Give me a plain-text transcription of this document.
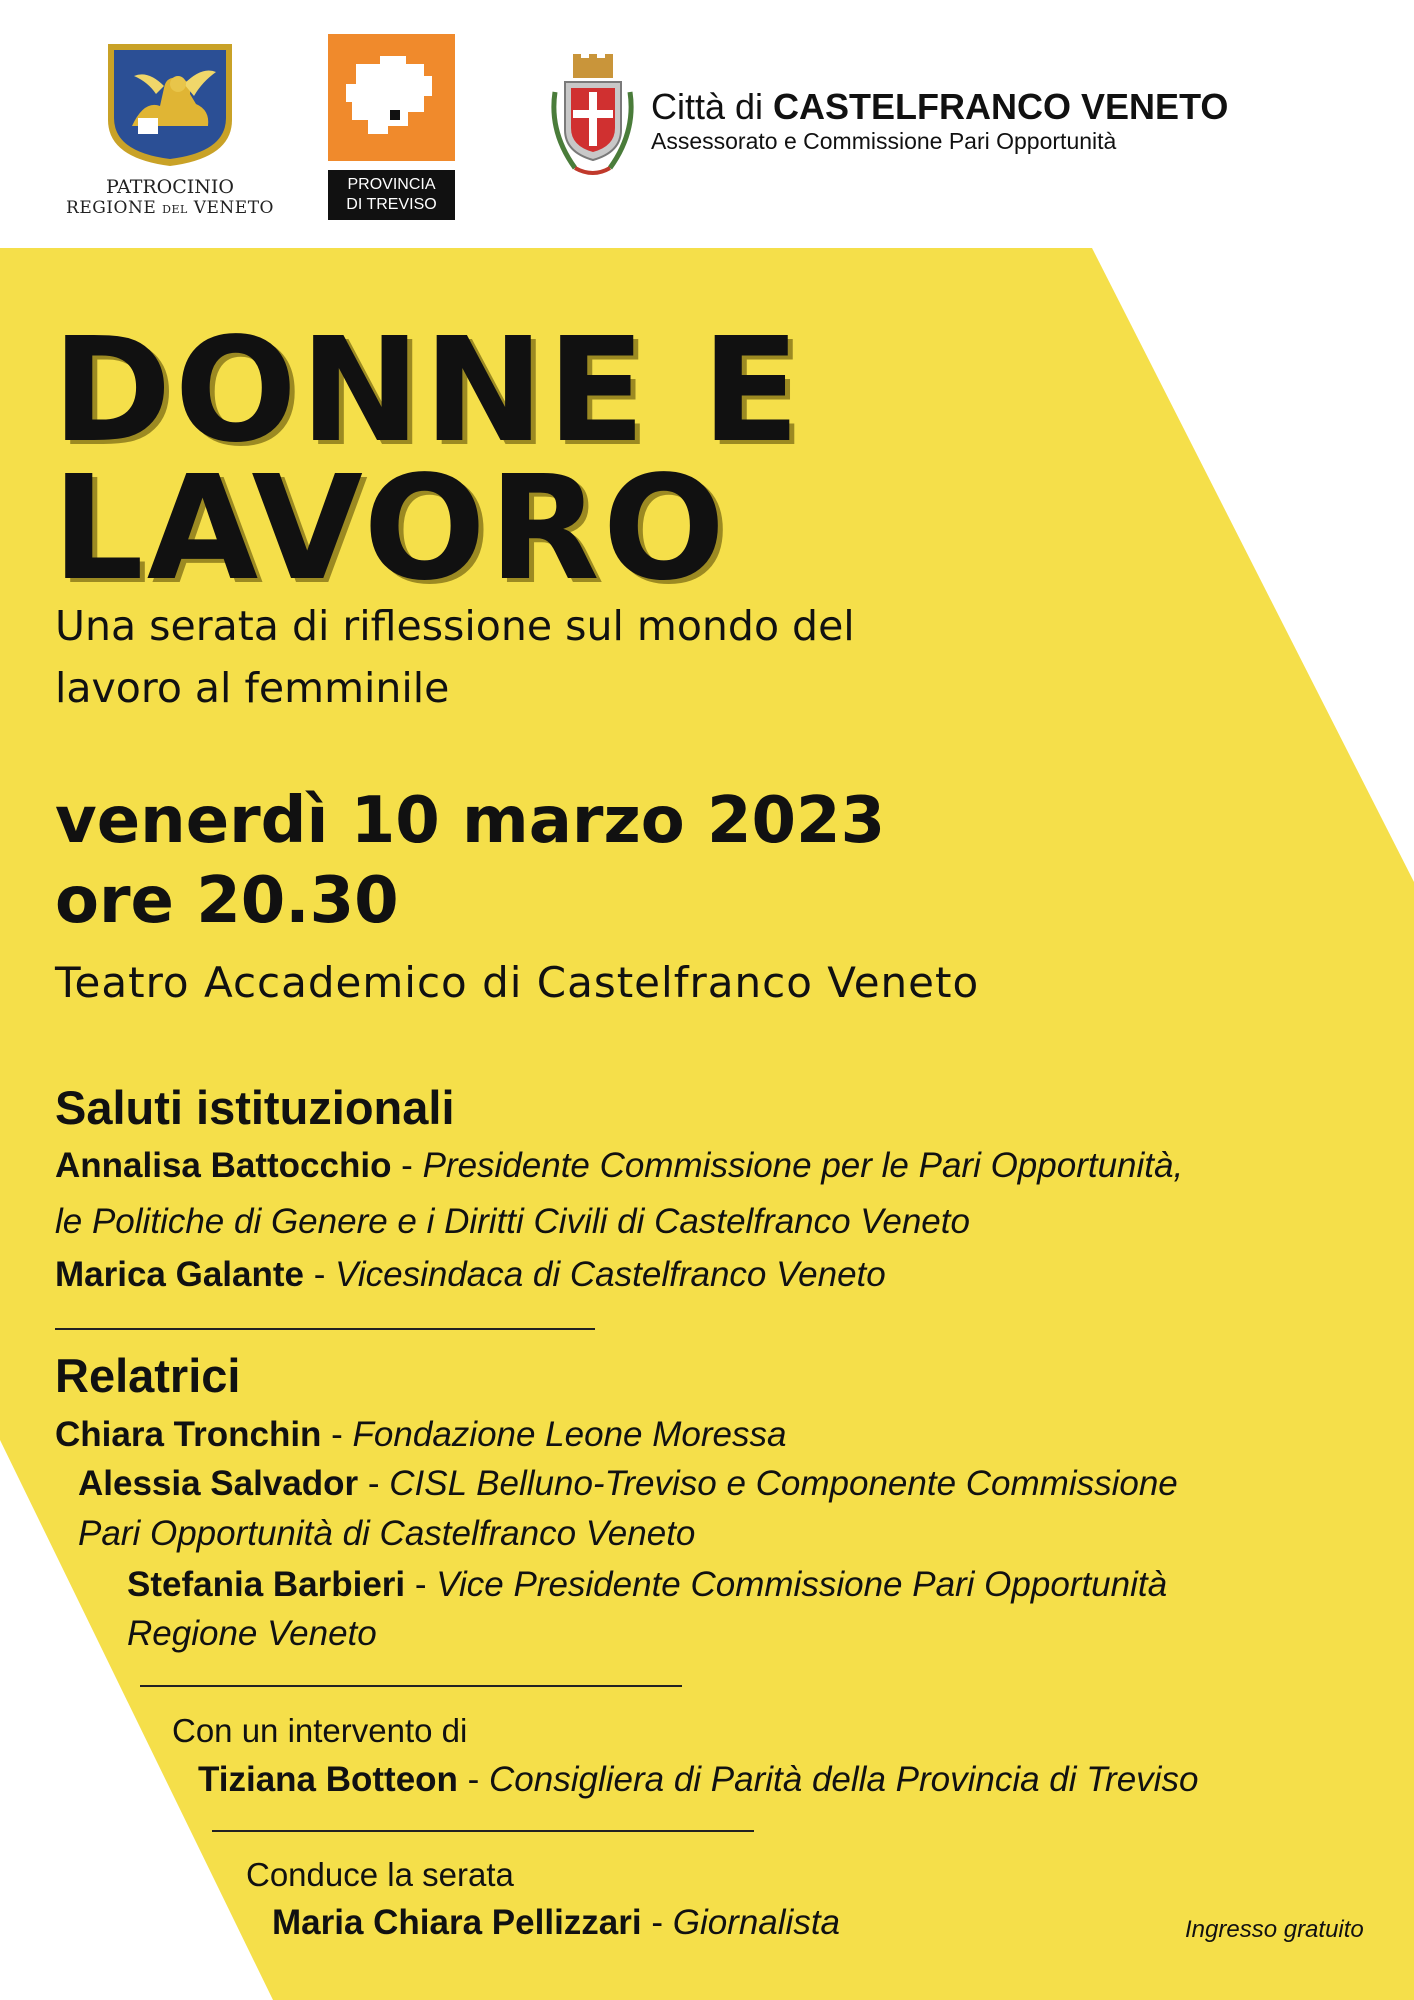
PATROCINIO
REGIONE DEL VENETO
PROVINCIA
DI TREVISO
Città di CASTELFRANCO VENETO
Assessorato e Commissione Pari Opportunità
DONNE E
LAVORO
Una serata di riflessione sul mondo del
lavoro al femminile
venerdì 10 marzo 2023
ore 20.30
Teatro Accademico di Castelfranco Veneto
Saluti istituzionali
Annalisa Battocchio - Presidente Commissione per le Pari Opportunità,
le Politiche di Genere e i Diritti Civili di Castelfranco Veneto
Marica Galante - Vicesindaca di Castelfranco Veneto
Relatrici
Chiara Tronchin - Fondazione Leone Moressa
Alessia Salvador - CISL Belluno-Treviso e Componente Commissione
Pari Opportunità di Castelfranco Veneto
Stefania Barbieri - Vice Presidente Commissione Pari Opportunità
Regione Veneto
Con un intervento di
Tiziana Botteon - Consigliera di Parità della Provincia di Treviso
Conduce la serata
Maria Chiara Pellizzari - Giornalista	Ingresso gratuito
